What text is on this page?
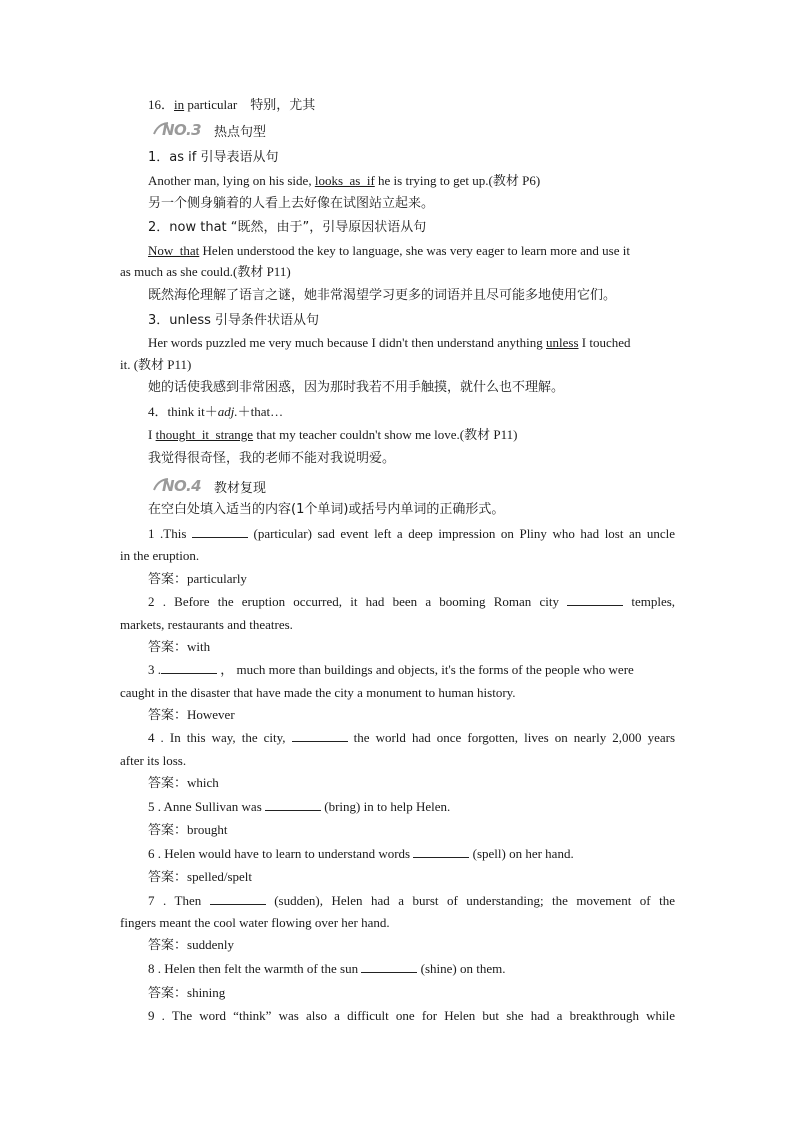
16．in particular 特别，尤其
NO.3 热点句型
1．as if 引导表语从句
Another man, lying on his side, looks_as_if he is trying to get up.(教材 P6)
另一个侧身躺着的人看上去好像在试图站立起来。
2．now that “既然，由于”，引导原因状语从句
Now_that Helen understood the key to language, she was very eager to learn more and use it
as much as she could.(教材 P11)
既然海伦理解了语言之谜，她非常渴望学习更多的词语并且尽可能多地使用它们。
3．unless 引导条件状语从句
Her words puzzled me very much because I didn't then understand anything unless I touched
it. (教材 P11)
她的话使我感到非常困惑，因为那时我若不用手触摸，就什么也不理解。
4．think it＋adj.＋that…
I thought_it_strange that my teacher couldn't show me love.(教材 P11)
我觉得很奇怪，我的老师不能对我说明爱。
NO.4 教材复现
在空白处填入适当的内容(1个单词)或括号内单词的正确形式。
1 .This	(particular) sad event left a deep impression on Pliny who had lost an uncle
in the eruption.
答案：particularly
2 . Before the eruption occurred, it had been a booming Roman city	temples,
markets, restaurants and theatres.
答案：with
3 .	， much more than buildings and objects, it's the forms of the people who were
caught in the disaster that have made the city a monument to human history.
答案：However
4 . In this way, the city,	the world had once forgotten, lives on nearly 2,000 years
after its loss.
答案：which
5 . Anne Sullivan was	(bring) in to help Helen.
答案：brought
6 . Helen would have to learn to understand words	(spell) on her hand.
答案：spelled/spelt
7 . Then	(sudden), Helen had a burst of understanding; the movement of the
fingers meant the cool water flowing over her hand.
答案：suddenly
8 . Helen then felt the warmth of the sun	(shine) on them.
答案：shining
9 . The word “think” was also a difficult one for Helen but she had a breakthrough while
